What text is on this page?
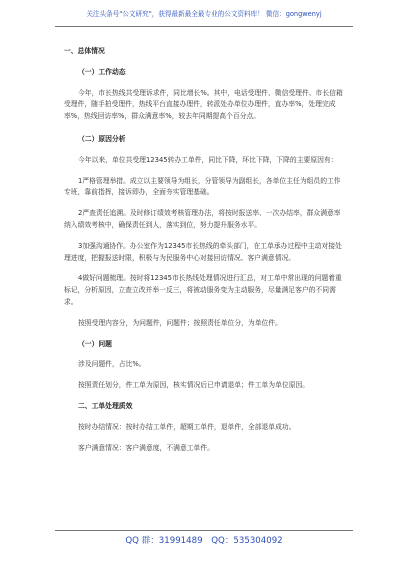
关注头条号"公文研究"，获得最新最全最专业的公文资料库！ 微信：gongwenyj

一、总体情况

（一）工作动态

今年，市长热线共受理诉求件，同比增长%。其中，电话受理件、微信受理件、市长信箱受理件，随手拍受理件，热线平台直接办理件，转派处办单位办理件，直办率%，处理完成率%，热线回访率%，群众满意率%，较去年同期提高个百分点。

（二）原因分析

今年以来，单位共受理12345转办工单件，同比下降，环比下降，下降的主要原因有：

1严格管理举措。成立以主要领导为组长，分管领导为副组长，各单位主任为组员的工作专班，靠前指挥，接诉即办，全面夯实管理基础。

2严查责任追溯。及时修订绩效考核管理办法，将按时报送率、一次办结率，群众满意率纳入绩效考核中，确保责任到人，落实到位，努力提升服务水平。

3加强沟通协作。办公室作为12345市长热线的牵头部门，在工单承办过程中主动对接处理进度，把握报送时限，积极与为民服务中心对接回访情况、客户满意情况。

4做好问题梳理。按时将12345市长热线处理情况进行汇总，对工单中常出现的问题着重标记，分析原因，立查立改并举一反三，将被动服务变为主动服务，尽量满足客户的不同需求。

按照受理内容分，为问题件，问题件；按照责任单位分，为单位件。

（一）问题

涉及问题件，占比%。

按照责任划分，件工单为原因，核实情况后已申请退单；件工单为单位原因。

二、工单处理质效

按时办结情况：按时办结工单件，超期工单件，退单件，全部退单成功。

客户满意情况：客户满意度，不满意工单件。

QQ 群：31991489 QQ：535304092
